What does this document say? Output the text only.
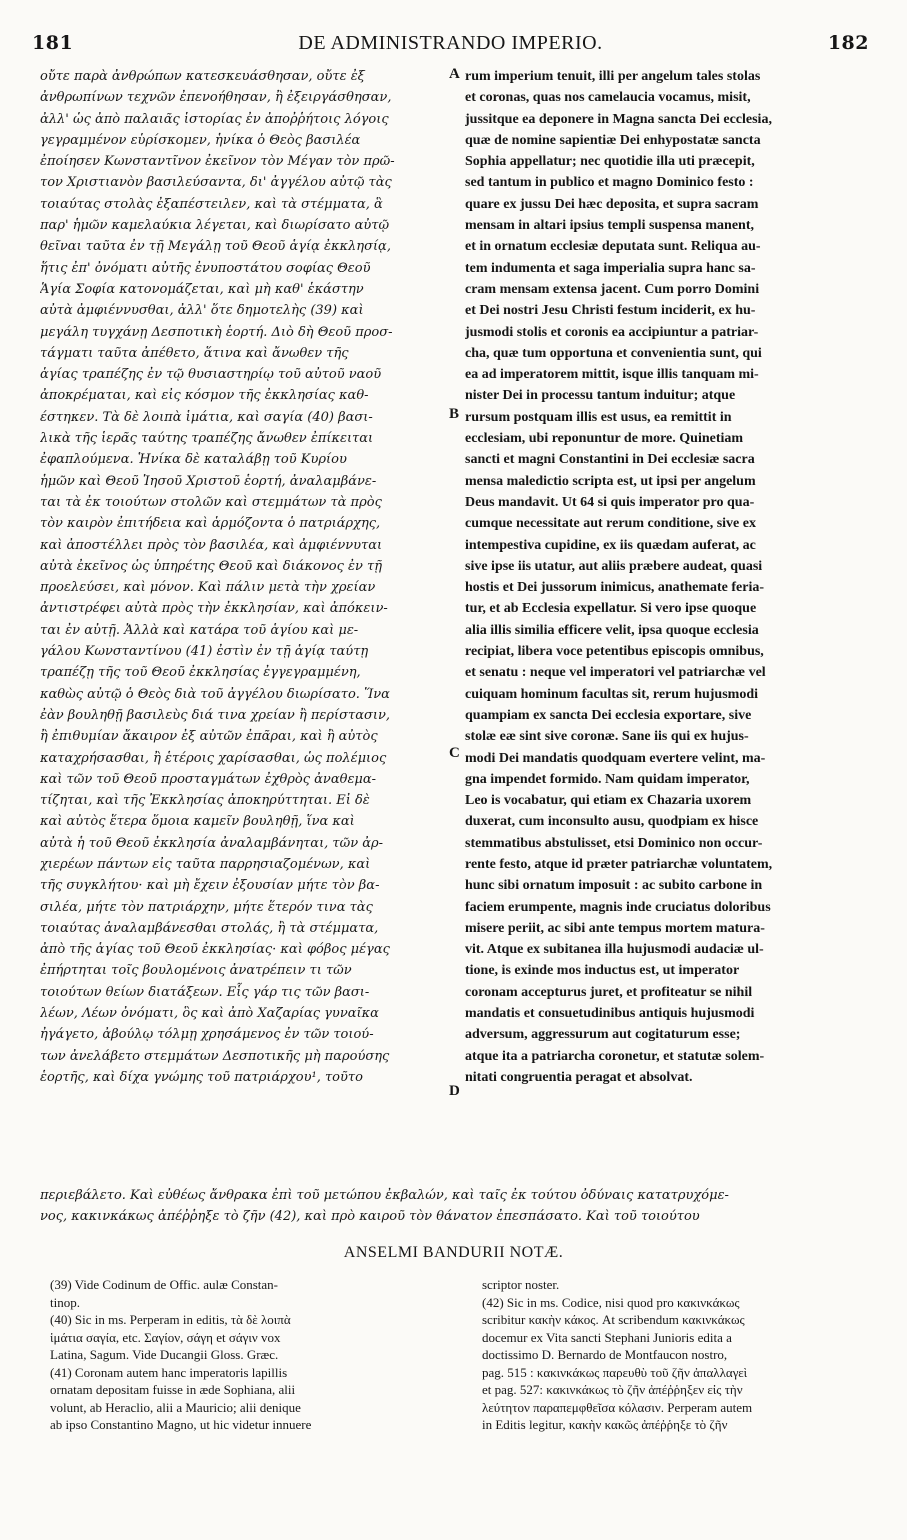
181	DE ADMINISTRANDO IMPERIO.	182
οὔτε παρὰ ἀνθρώπων κατεσκευάσθησαν, οὔτε ἐξ
ἀνθρωπίνων τεχνῶν ἐπενοήθησαν, ἢ ἐξειργάσθησαν,
ἀλλ' ὡς ἀπὸ παλαιᾶς ἱστορίας ἐν ἀποῤῥήτοις λόγοις
γεγραμμένον εὑρίσκομεν, ἡνίκα ὁ Θεὸς βασιλέα
ἐποίησεν Κωνσταντῖνον ἐκεῖνον τὸν Μέγαν τὸν πρῶ-
τον Χριστιανὸν βασιλεύσαντα, δι' ἀγγέλου αὐτῷ τὰς
τοιαύτας στολὰς ἐξαπέστειλεν, καὶ τὰ στέμματα, ἃ
παρ' ἡμῶν καμελαύκια λέγεται, καὶ διωρίσατο αὐτῷ
θεῖναι ταῦτα ἐν τῇ Μεγάλῃ τοῦ Θεοῦ ἁγίᾳ ἐκκλησίᾳ,
ἥτις ἐπ' ὀνόματι αὐτῆς ἐνυποστάτου σοφίας Θεοῦ
Ἁγία Σοφία κατονομάζεται, καὶ μὴ καθ' ἑκάστην
αὐτὰ ἀμφιέννυσθαι, ἀλλ' ὅτε δημοτελὴς (39) καὶ
μεγάλη τυγχάνῃ Δεσποτικὴ ἑορτή. Διὸ δὴ Θεοῦ προσ-
τάγματι ταῦτα ἀπέθετο, ἅτινα καὶ ἄνωθεν τῆς
ἁγίας τραπέζης ἐν τῷ θυσιαστηρίῳ τοῦ αὐτοῦ ναοῦ
ἀποκρέμαται, καὶ εἰς κόσμον τῆς ἐκκλησίας καθ-
έστηκεν. Τὰ δὲ λοιπὰ ἱμάτια, καὶ σαγία (40) βασι-
λικὰ τῆς ἱερᾶς ταύτης τραπέζης ἄνωθεν ἐπίκειται
ἐφαπλούμενα. Ἡνίκα δὲ καταλάβῃ τοῦ Κυρίου
ἡμῶν καὶ Θεοῦ Ἰησοῦ Χριστοῦ ἑορτή, ἀναλαμβάνε-
ται τὰ ἐκ τοιούτων στολῶν καὶ στεμμάτων τὰ πρὸς
τὸν καιρὸν ἐπιτήδεια καὶ ἁρμόζοντα ὁ πατριάρχης,
καὶ ἀποστέλλει πρὸς τὸν βασιλέα, καὶ ἀμφιέννυται
αὐτὰ ἐκεῖνος ὡς ὑπηρέτης Θεοῦ καὶ διάκονος ἐν τῇ
προελεύσει, καὶ μόνον. Καὶ πάλιν μετὰ τὴν χρείαν
ἀντιστρέφει αὐτὰ πρὸς τὴν ἐκκλησίαν, καὶ ἀπόκειν-
ται ἐν αὐτῇ. Ἀλλὰ καὶ κατάρα τοῦ ἁγίου καὶ με-
γάλου Κωνσταντίνου (41) ἐστὶν ἐν τῇ ἁγίᾳ ταύτῃ
τραπέζῃ τῆς τοῦ Θεοῦ ἐκκλησίας ἐγγεγραμμένη,
καθὼς αὐτῷ ὁ Θεὸς διὰ τοῦ ἀγγέλου διωρίσατο. Ἵνα
ἐὰν βουληθῇ βασιλεὺς διά τινα χρείαν ἢ περίστασιν,
ἢ ἐπιθυμίαν ἄκαιρον ἐξ αὐτῶν ἐπᾶραι, καὶ ἢ αὐτὸς
καταχρήσασθαι, ἢ ἑτέροις χαρίσασθαι, ὡς πολέμιος
καὶ τῶν τοῦ Θεοῦ προσταγμάτων ἐχθρὸς ἀναθεμα-
τίζηται, καὶ τῆς Ἐκκλησίας ἀποκηρύττηται. Εἰ δὲ
καὶ αὐτὸς ἕτερα ὅμοια καμεῖν βουληθῇ, ἵνα καὶ
αὐτὰ ἡ τοῦ Θεοῦ ἐκκλησία ἀναλαμβάνηται, τῶν ἀρ-
χιερέων πάντων εἰς ταῦτα παρρησιαζομένων, καὶ
τῆς συγκλήτου· καὶ μὴ ἔχειν ἐξουσίαν μήτε τὸν βα-
σιλέα, μήτε τὸν πατριάρχην, μήτε ἕτερόν τινα τὰς
τοιαύτας ἀναλαμβάνεσθαι στολάς, ἢ τὰ στέμματα,
ἀπὸ τῆς ἁγίας τοῦ Θεοῦ ἐκκλησίας· καὶ φόβος μέγας
ἐπήρτηται τοῖς βουλομένοις ἀνατρέπειν τι τῶν
τοιούτων θείων διατάξεων. Εἷς γάρ τις τῶν βασι-
λέων, Λέων ὀνόματι, ὃς καὶ ἀπὸ Χαζαρίας γυναῖκα
ἠγάγετο, ἀβούλῳ τόλμῃ χρησάμενος ἐν τῶν τοιού-
των ἀνελάβετο στεμμάτων Δεσποτικῆς μὴ παρούσης
ἑορτῆς, καὶ δίχα γνώμης τοῦ πατριάρχου¹, τοῦτο
rum imperium tenuit, illi per angelum tales stolas
et coronas, quas nos camelaucia vocamus, misit,
jussitque ea deponere in Magna sancta Dei ecclesia,
quæ de nomine sapientiæ Dei enhypostatæ sancta
Sophia appellatur; nec quotidie illa uti præcepit,
sed tantum in publico et magno Dominico festo :
quare ex jussu Dei hæc deposita, et supra sacram
mensam in altari ipsius templi suspensa manent,
et in ornatum ecclesiæ deputata sunt. Reliqua au-
tem indumenta et saga imperialia supra hanc sa-
cram mensam extensa jacent. Cum porro Domini
et Dei nostri Jesu Christi festum inciderit, ex hu-
jusmodi stolis et coronis ea accipiuntur a patriar-
cha, quæ tum opportuna et convenientia sunt, qui
ea ad imperatorem mittit, isque illis tanquam mi-
nister Dei in processu tantum induitur; atque
rursum postquam illis est usus, ea remittit in
ecclesiam, ubi reponuntur de more. Quinetiam
sancti et magni Constantini in Dei ecclesiæ sacra
mensa maledictio scripta est, ut ipsi per angelum
Deus mandavit. Ut 64 si quis imperator pro qua-
cumque necessitate aut rerum conditione, sive ex
intempestiva cupidine, ex iis quædam auferat, ac
sive ipse iis utatur, aut aliis præbere audeat, quasi
hostis et Dei jussorum inimicus, anathemate feria-
tur, et ab Ecclesia expellatur. Si vero ipse quoque
alia illis similia efficere velit, ipsa quoque ecclesia
recipiat, libera voce petentibus episcopis omnibus,
et senatu : neque vel imperatori vel patriarchæ vel
cuiquam hominum facultas sit, rerum hujusmodi
quampiam ex sancta Dei ecclesia exportare, sive
stolæ eæ sint sive coronæ. Sane iis qui ex hujus-
modi Dei mandatis quodquam evertere velint, ma-
gna impendet formido. Nam quidam imperator,
Leo is vocabatur, qui etiam ex Chazaria uxorem
duxerat, cum inconsulto ausu, quodpiam ex hisce
stemmatibus abstulisset, etsi Dominico non occur-
rente festo, atque id præter patriarchæ voluntatem,
hunc sibi ornatum imposuit : ac subito carbone in
faciem erumpente, magnis inde cruciatus doloribus
misere periit, ac sibi ante tempus mortem matura-
vit. Atque ex subitanea illa hujusmodi audaciæ ul-
tione, is exinde mos inductus est, ut imperator
coronam accepturus juret, et profiteatur se nihil
mandatis et consuetudinibus antiquis hujusmodi
adversum, aggressurum aut cogitaturum esse;
atque ita a patriarcha coronetur, et statutæ solem-
nitati congruentia peragat et absolvat.
A
B
C
D
περιεβάλετο. Καὶ εὐθέως ἄνθρακα ἐπὶ τοῦ μετώπου ἐκβαλών, καὶ ταῖς ἐκ τούτου ὀδύναις κατατρυχόμε-
νος, κακινκάκως ἀπέῤῥηξε τὸ ζῆν (42), καὶ πρὸ καιροῦ τὸν θάνατον ἐπεσπάσατο. Καὶ τοῦ τοιούτου
ANSELMI BANDURII NOTÆ.
(39) Vide Codinum de Offic. aulæ Constan-
tinop.
(40) Sic in ms. Perperam in editis, τὰ δὲ λοιπὰ
ἱμάτια σαγία, etc. Σαγίον, σάγη et σάγιν vox
Latina, Sagum. Vide Ducangii Gloss. Græc.
(41) Coronam autem hanc imperatoris lapillis
ornatam depositam fuisse in æde Sophiana, alii
volunt, ab Heraclio, alii a Mauricio; alii denique
ab ipso Constantino Magno, ut hic videtur innuere
scriptor noster.
(42) Sic in ms. Codice, nisi quod pro κακινκάκως
scribitur κακὴν κάκος. At scribendum κακινκάκως
docemur ex Vita sancti Stephani Junioris edita a
doctissimo D. Bernardo de Montfaucon nostro,
pag. 515 : κακινκάκως παρευθὺ τοῦ ζῆν ἀπαλλαγεὶ
et pag. 527: κακινκάκως τὸ ζῆν ἀπέῤῥηξεν εἰς τὴν
λεύτητον παραπεμφθεῖσα κόλασιν. Perperam autem
in Editis legitur, κακὴν κακῶς ἀπέῤῥηξε τὸ ζῆν
